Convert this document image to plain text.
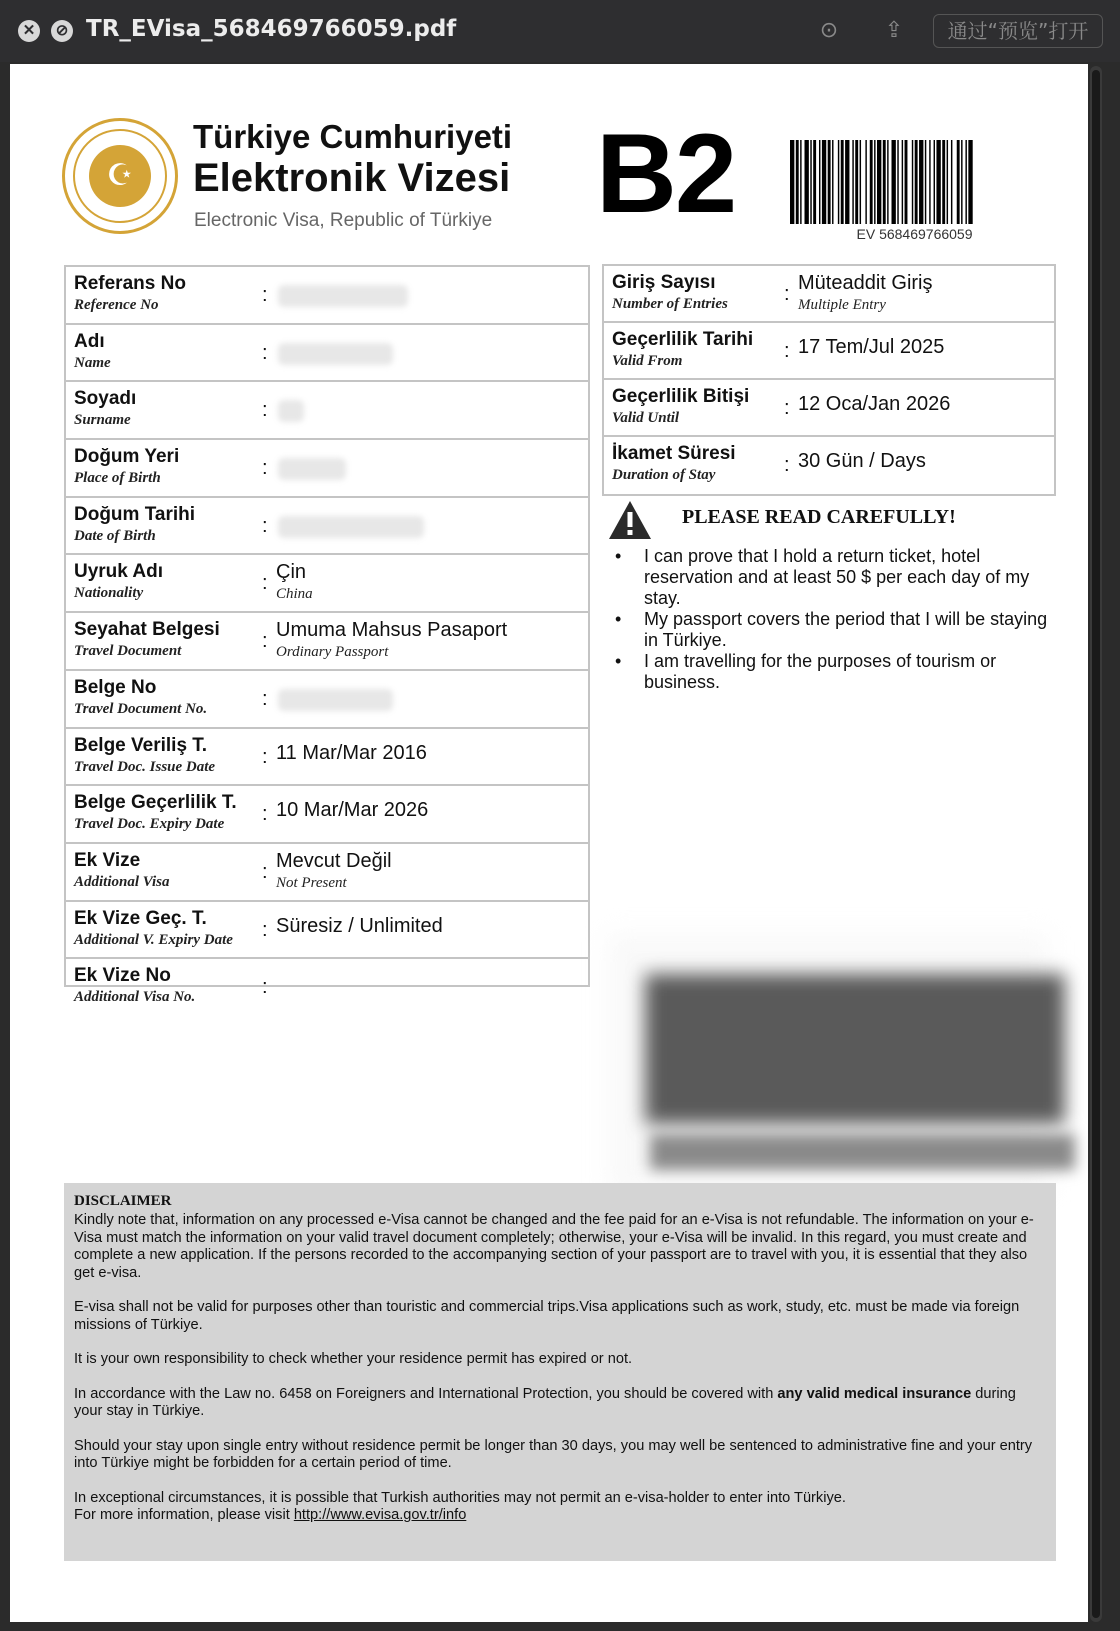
✕	⊘ TR_EVisa_568469766059.pdf	⊙ ⇪	通过“预览”打开
☪
Türkiye Cumhuriyeti
Elektronik Vizesi
Electronic Visa, Republic of Türkiye B2	EV 568469766059
Referans No
Reference No	:
Adı
Name	:
Soyadı
Surname	:
Doğum Yeri
Place of Birth	:
Doğum Tarihi
Date of Birth	:
Uyruk Adı
Nationality	: Çin
China
Seyahat Belgesi
Travel Document	: Umuma Mahsus Pasaport
Ordinary Passport
Belge No
Travel Document No.	:
Belge Veriliş T.
Travel Doc. Issue Date : 11 Mar/Mar 2016
Belge Geçerlilik T.
Travel Doc. Expiry Date : 10 Mar/Mar 2026
Ek Vize
Additional Visa	: Mevcut Değil
Not Present
Ek Vize Geç. T.
Additional V. Expiry Date : Süresiz / Unlimited
Ek Vize No
Additional Visa No.	:
Giriş Sayısı
Number of Entries	: Müteaddit Giriş
Multiple Entry
Geçerlilik Tarihi
Valid From	: 17 Tem/Jul 2025
Geçerlilik Bitişi
Valid Until	: 12 Oca/Jan 2026
İkamet Süresi
Duration of Stay	: 30 Gün / Days
PLEASE READ CAREFULLY!
• I can prove that I hold a return ticket, hotel reservation and at least 50 $ per each day of my stay.
• My passport covers the period that I will be staying in Türkiye.
• I am travelling for the purposes of tourism or business.
DISCLAIMER

Kindly note that, information on any processed e-Visa cannot be changed and the fee paid for an e-Visa is not refundable. The information on your e-Visa must match the information on your valid travel document completely; otherwise, your e-Visa will be invalid. In this regard, you must create and complete a new application. If the persons recorded to the accompanying section of your passport are to travel with you, it is essential that they also get e-visa.

E-visa shall not be valid for purposes other than touristic and commercial trips.Visa applications such as work, study, etc. must be made via foreign missions of Türkiye.

It is your own responsibility to check whether your residence permit has expired or not.

In accordance with the Law no. 6458 on Foreigners and International Protection, you should be covered with any valid medical insurance during your stay in Türkiye.

Should your stay upon single entry without residence permit be longer than 30 days, you may well be sentenced to administrative fine and your entry into Türkiye might be forbidden for a certain period of time.

In exceptional circumstances, it is possible that Turkish authorities may not permit an e-visa-holder to enter into Türkiye.
For more information, please visit http://www.evisa.gov.tr/info
